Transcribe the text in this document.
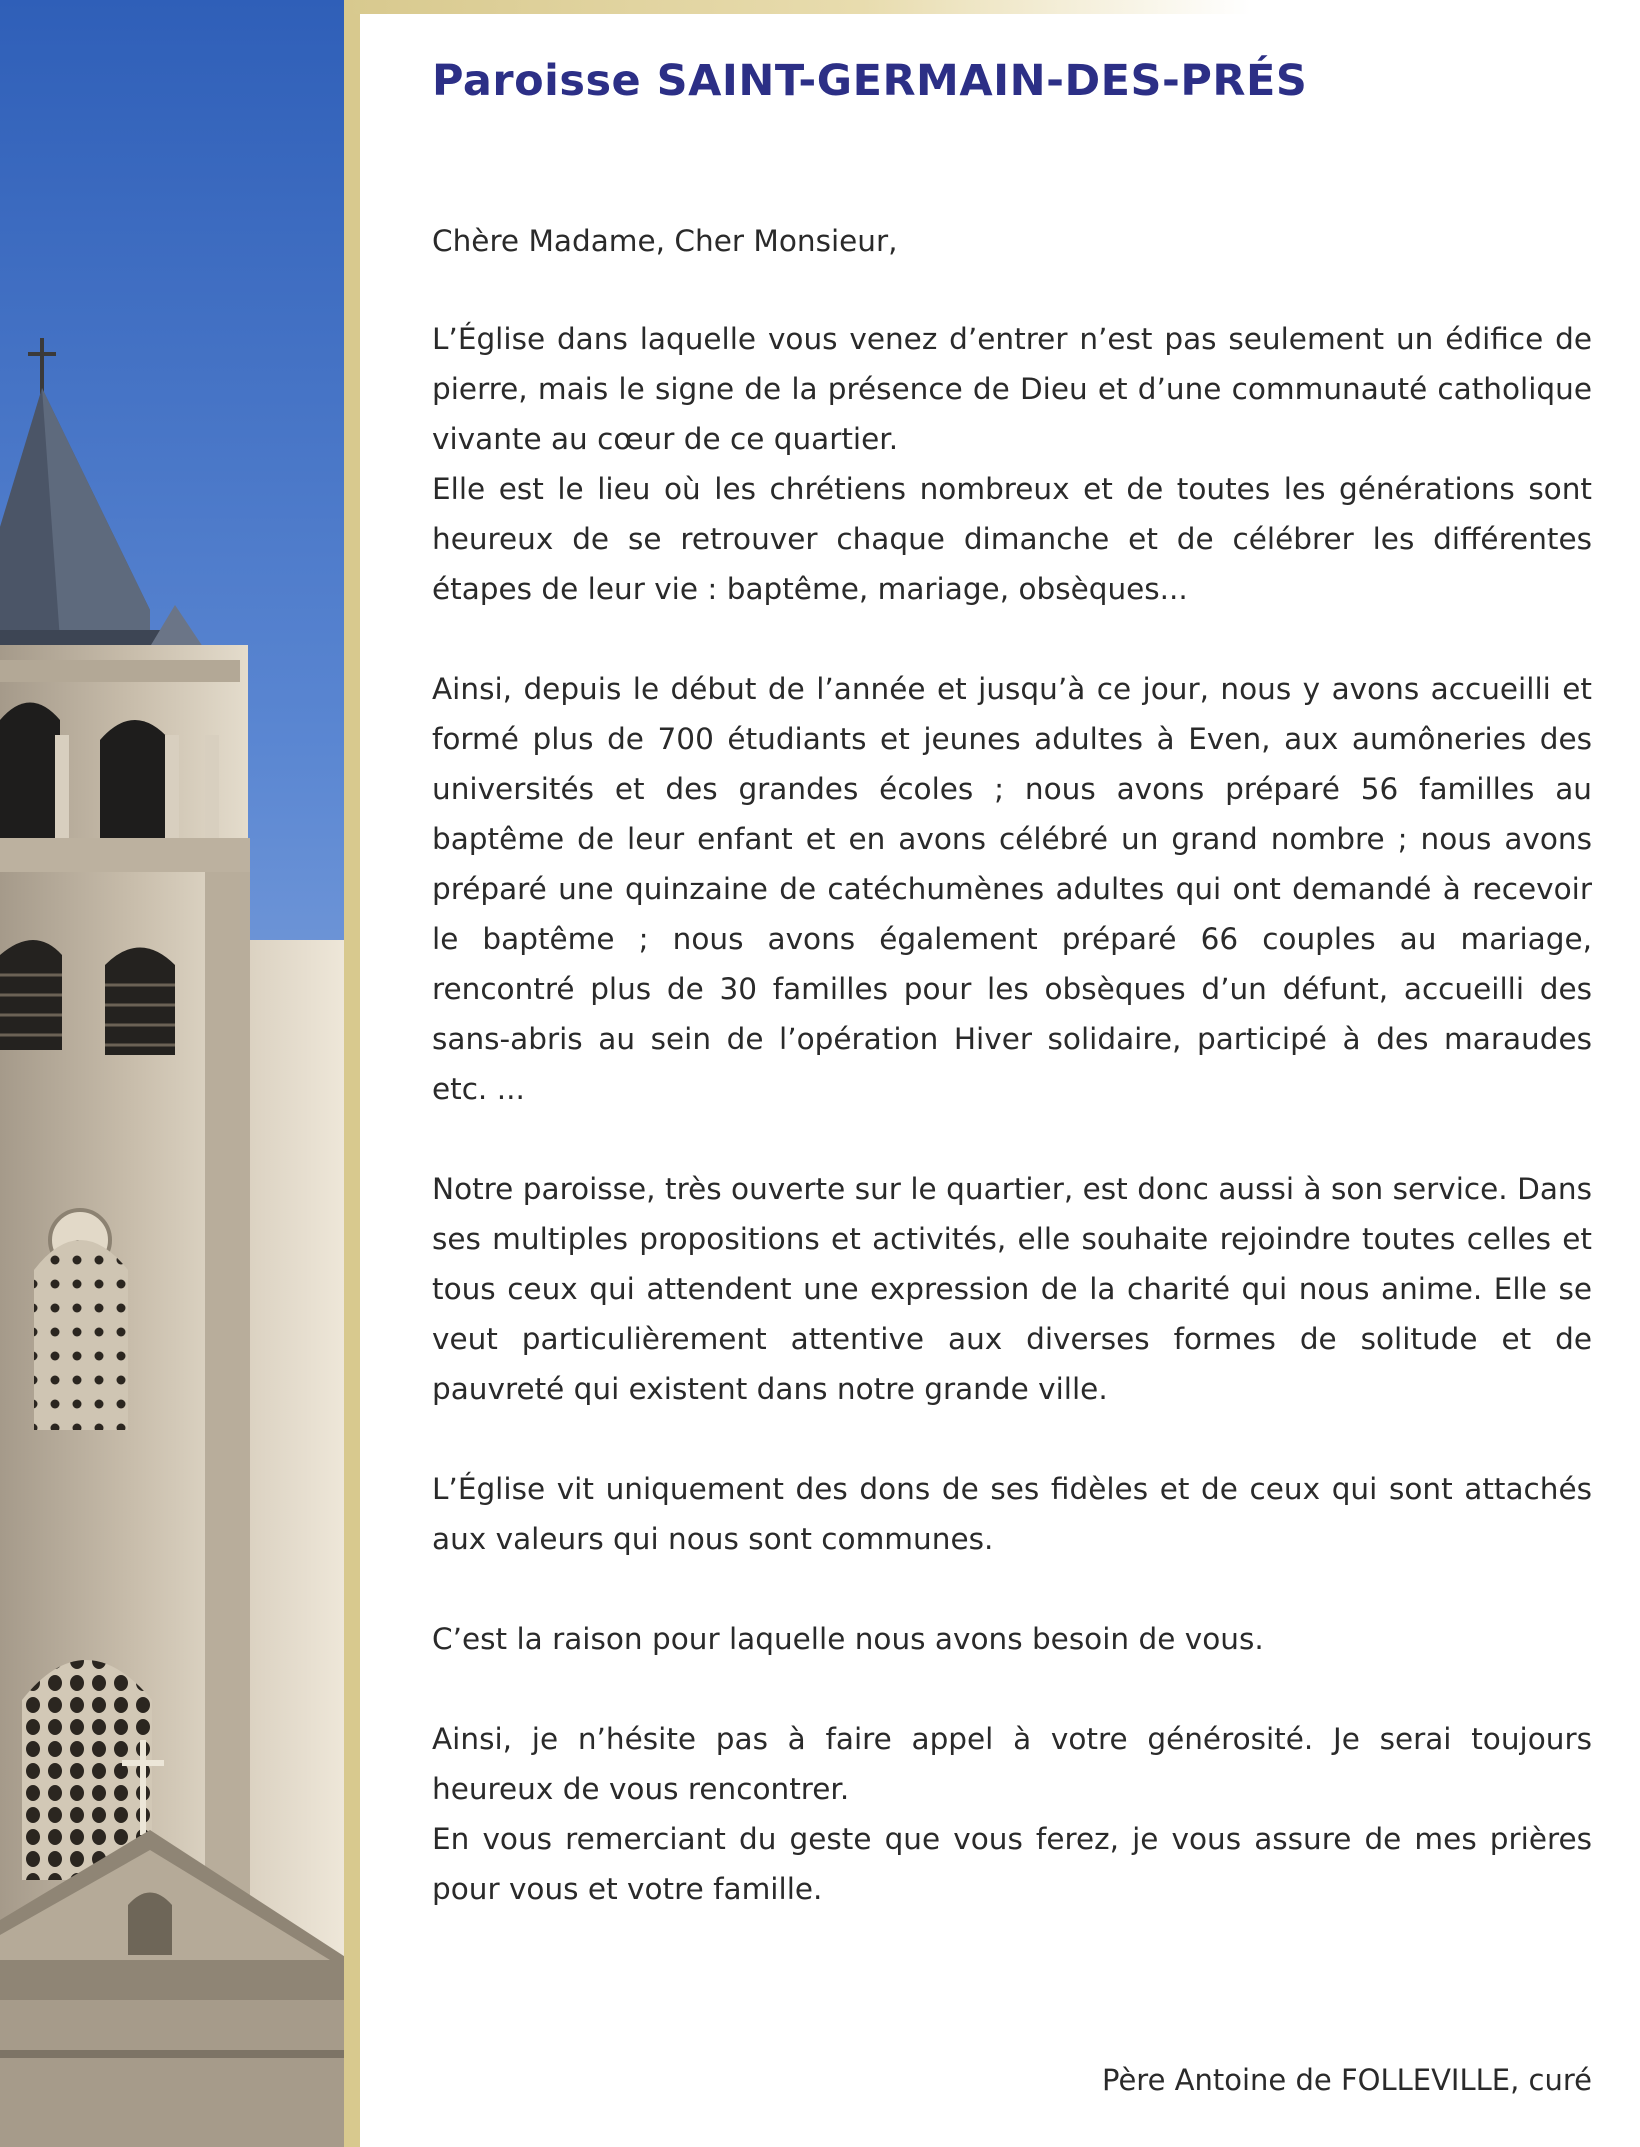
Paroisse SAINT-GERMAIN-DES-PRÉS

Chère Madame, Cher Monsieur,

L’Église dans laquelle vous venez d’entrer n’est pas seulement un édifice de pierre, mais le signe de la présence de Dieu et d’une communauté catholique vivante au cœur de ce quartier.
Elle est le lieu où les chrétiens nombreux et de toutes les générations sont heureux de se retrouver chaque dimanche et de célébrer les différentes étapes de leur vie : baptême, mariage, obsèques...

Ainsi, depuis le début de l’année et jusqu’à ce jour, nous y avons accueilli et formé plus de 700 étudiants et jeunes adultes à Even, aux aumôneries des universités et des grandes écoles ; nous avons préparé 56 familles au baptême de leur enfant et en avons célébré un grand nombre ; nous avons préparé une quinzaine de catéchumènes adultes qui ont demandé à recevoir le baptême ; nous avons également préparé 66 couples au mariage, rencontré plus de 30 familles pour les obsèques d’un défunt, accueilli des sans-abris au sein de l’opération Hiver solidaire, participé à des maraudes etc. ...

Notre paroisse, très ouverte sur le quartier, est donc aussi à son service. Dans ses multiples propositions et activités, elle souhaite rejoindre toutes celles et tous ceux qui attendent une expression de la charité qui nous anime. Elle se veut particulièrement attentive aux diverses formes de solitude et de pauvreté qui existent dans notre grande ville.

L’Église vit uniquement des dons de ses fidèles et de ceux qui sont attachés aux valeurs qui nous sont communes.

C’est la raison pour laquelle nous avons besoin de vous.

Ainsi, je n’hésite pas à faire appel à votre générosité. Je serai toujours heureux de vous rencontrer.
En vous remerciant du geste que vous ferez, je vous assure de mes prières pour vous et votre famille.

Père Antoine de FOLLEVILLE, curé
